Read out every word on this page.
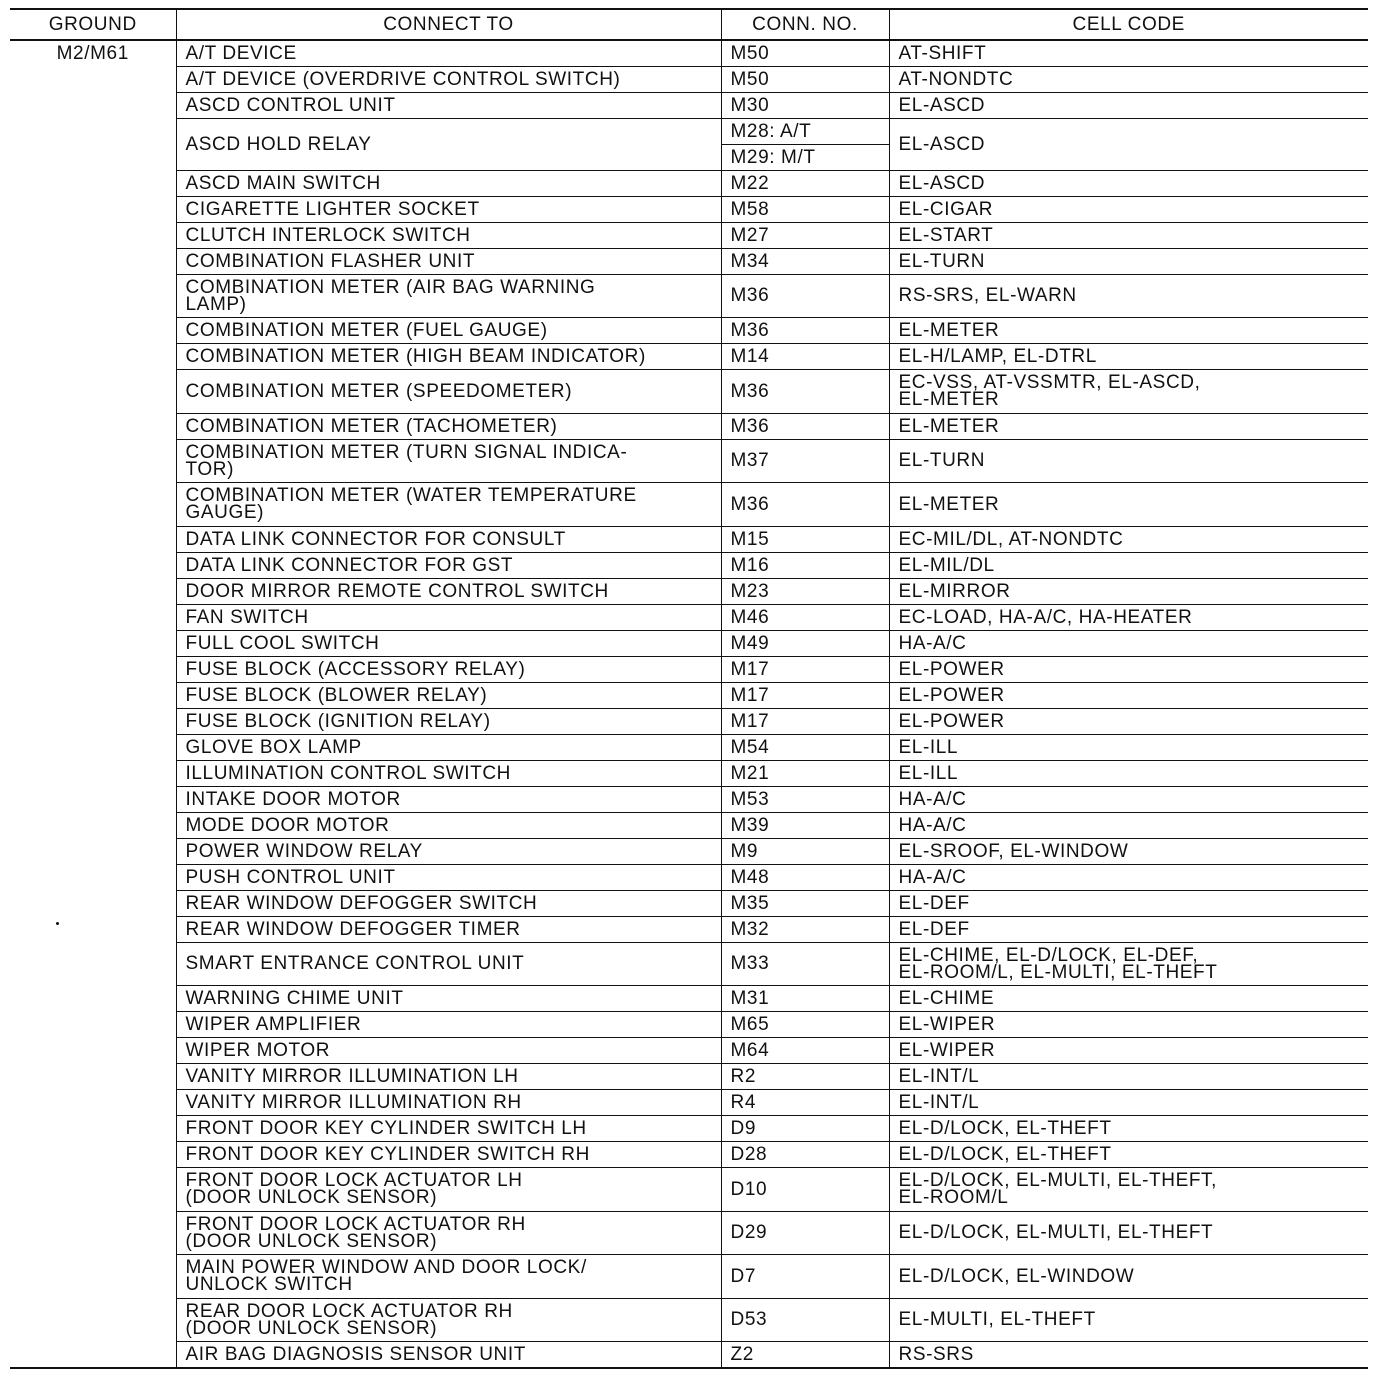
GROUND	CONNECT TO	CONN. NO.	CELL CODE
M2/M61	A/T DEVICE	M50	AT-SHIFT
	A/T DEVICE (OVERDRIVE CONTROL SWITCH)	M50	AT-NONDTC
	ASCD CONTROL UNIT	M30	EL-ASCD
	ASCD HOLD RELAY	M28: A/T	EL-ASCD
		M29: M/T	
	ASCD MAIN SWITCH	M22	EL-ASCD
	CIGARETTE LIGHTER SOCKET	M58	EL-CIGAR
	CLUTCH INTERLOCK SWITCH	M27	EL-START
	COMBINATION FLASHER UNIT	M34	EL-TURN
	COMBINATION METER (AIR BAG WARNING
LAMP)	M36	RS-SRS, EL-WARN
	COMBINATION METER (FUEL GAUGE)	M36	EL-METER
	COMBINATION METER (HIGH BEAM INDICATOR)	M14	EL-H/LAMP, EL-DTRL
	COMBINATION METER (SPEEDOMETER)	M36	EC-VSS, AT-VSSMTR, EL-ASCD,
EL-METER
	COMBINATION METER (TACHOMETER)	M36	EL-METER
	COMBINATION METER (TURN SIGNAL INDICA-
TOR)	M37	EL-TURN
	COMBINATION METER (WATER TEMPERATURE
GAUGE)	M36	EL-METER
	DATA LINK CONNECTOR FOR CONSULT	M15	EC-MIL/DL, AT-NONDTC
	DATA LINK CONNECTOR FOR GST	M16	EL-MIL/DL
	DOOR MIRROR REMOTE CONTROL SWITCH	M23	EL-MIRROR
	FAN SWITCH	M46	EC-LOAD, HA-A/C, HA-HEATER
	FULL COOL SWITCH	M49	HA-A/C
	FUSE BLOCK (ACCESSORY RELAY)	M17	EL-POWER
	FUSE BLOCK (BLOWER RELAY)	M17	EL-POWER
	FUSE BLOCK (IGNITION RELAY)	M17	EL-POWER
	GLOVE BOX LAMP	M54	EL-ILL
	ILLUMINATION CONTROL SWITCH	M21	EL-ILL
	INTAKE DOOR MOTOR	M53	HA-A/C
	MODE DOOR MOTOR	M39	HA-A/C
	POWER WINDOW RELAY	M9	EL-SROOF, EL-WINDOW
	PUSH CONTROL UNIT	M48	HA-A/C
	REAR WINDOW DEFOGGER SWITCH	M35	EL-DEF
	REAR WINDOW DEFOGGER TIMER	M32	EL-DEF
	SMART ENTRANCE CONTROL UNIT	M33	EL-CHIME, EL-D/LOCK, EL-DEF,
EL-ROOM/L, EL-MULTI, EL-THEFT
	WARNING CHIME UNIT	M31	EL-CHIME
	WIPER AMPLIFIER	M65	EL-WIPER
	WIPER MOTOR	M64	EL-WIPER
	VANITY MIRROR ILLUMINATION LH	R2	EL-INT/L
	VANITY MIRROR ILLUMINATION RH	R4	EL-INT/L
	FRONT DOOR KEY CYLINDER SWITCH LH	D9	EL-D/LOCK, EL-THEFT
	FRONT DOOR KEY CYLINDER SWITCH RH	D28	EL-D/LOCK, EL-THEFT
	FRONT DOOR LOCK ACTUATOR LH
(DOOR UNLOCK SENSOR)	D10	EL-D/LOCK, EL-MULTI, EL-THEFT,
EL-ROOM/L
	FRONT DOOR LOCK ACTUATOR RH
(DOOR UNLOCK SENSOR)	D29	EL-D/LOCK, EL-MULTI, EL-THEFT
	MAIN POWER WINDOW AND DOOR LOCK/
UNLOCK SWITCH	D7	EL-D/LOCK, EL-WINDOW
	REAR DOOR LOCK ACTUATOR RH
(DOOR UNLOCK SENSOR)	D53	EL-MULTI, EL-THEFT
	AIR BAG DIAGNOSIS SENSOR UNIT	Z2	RS-SRS
